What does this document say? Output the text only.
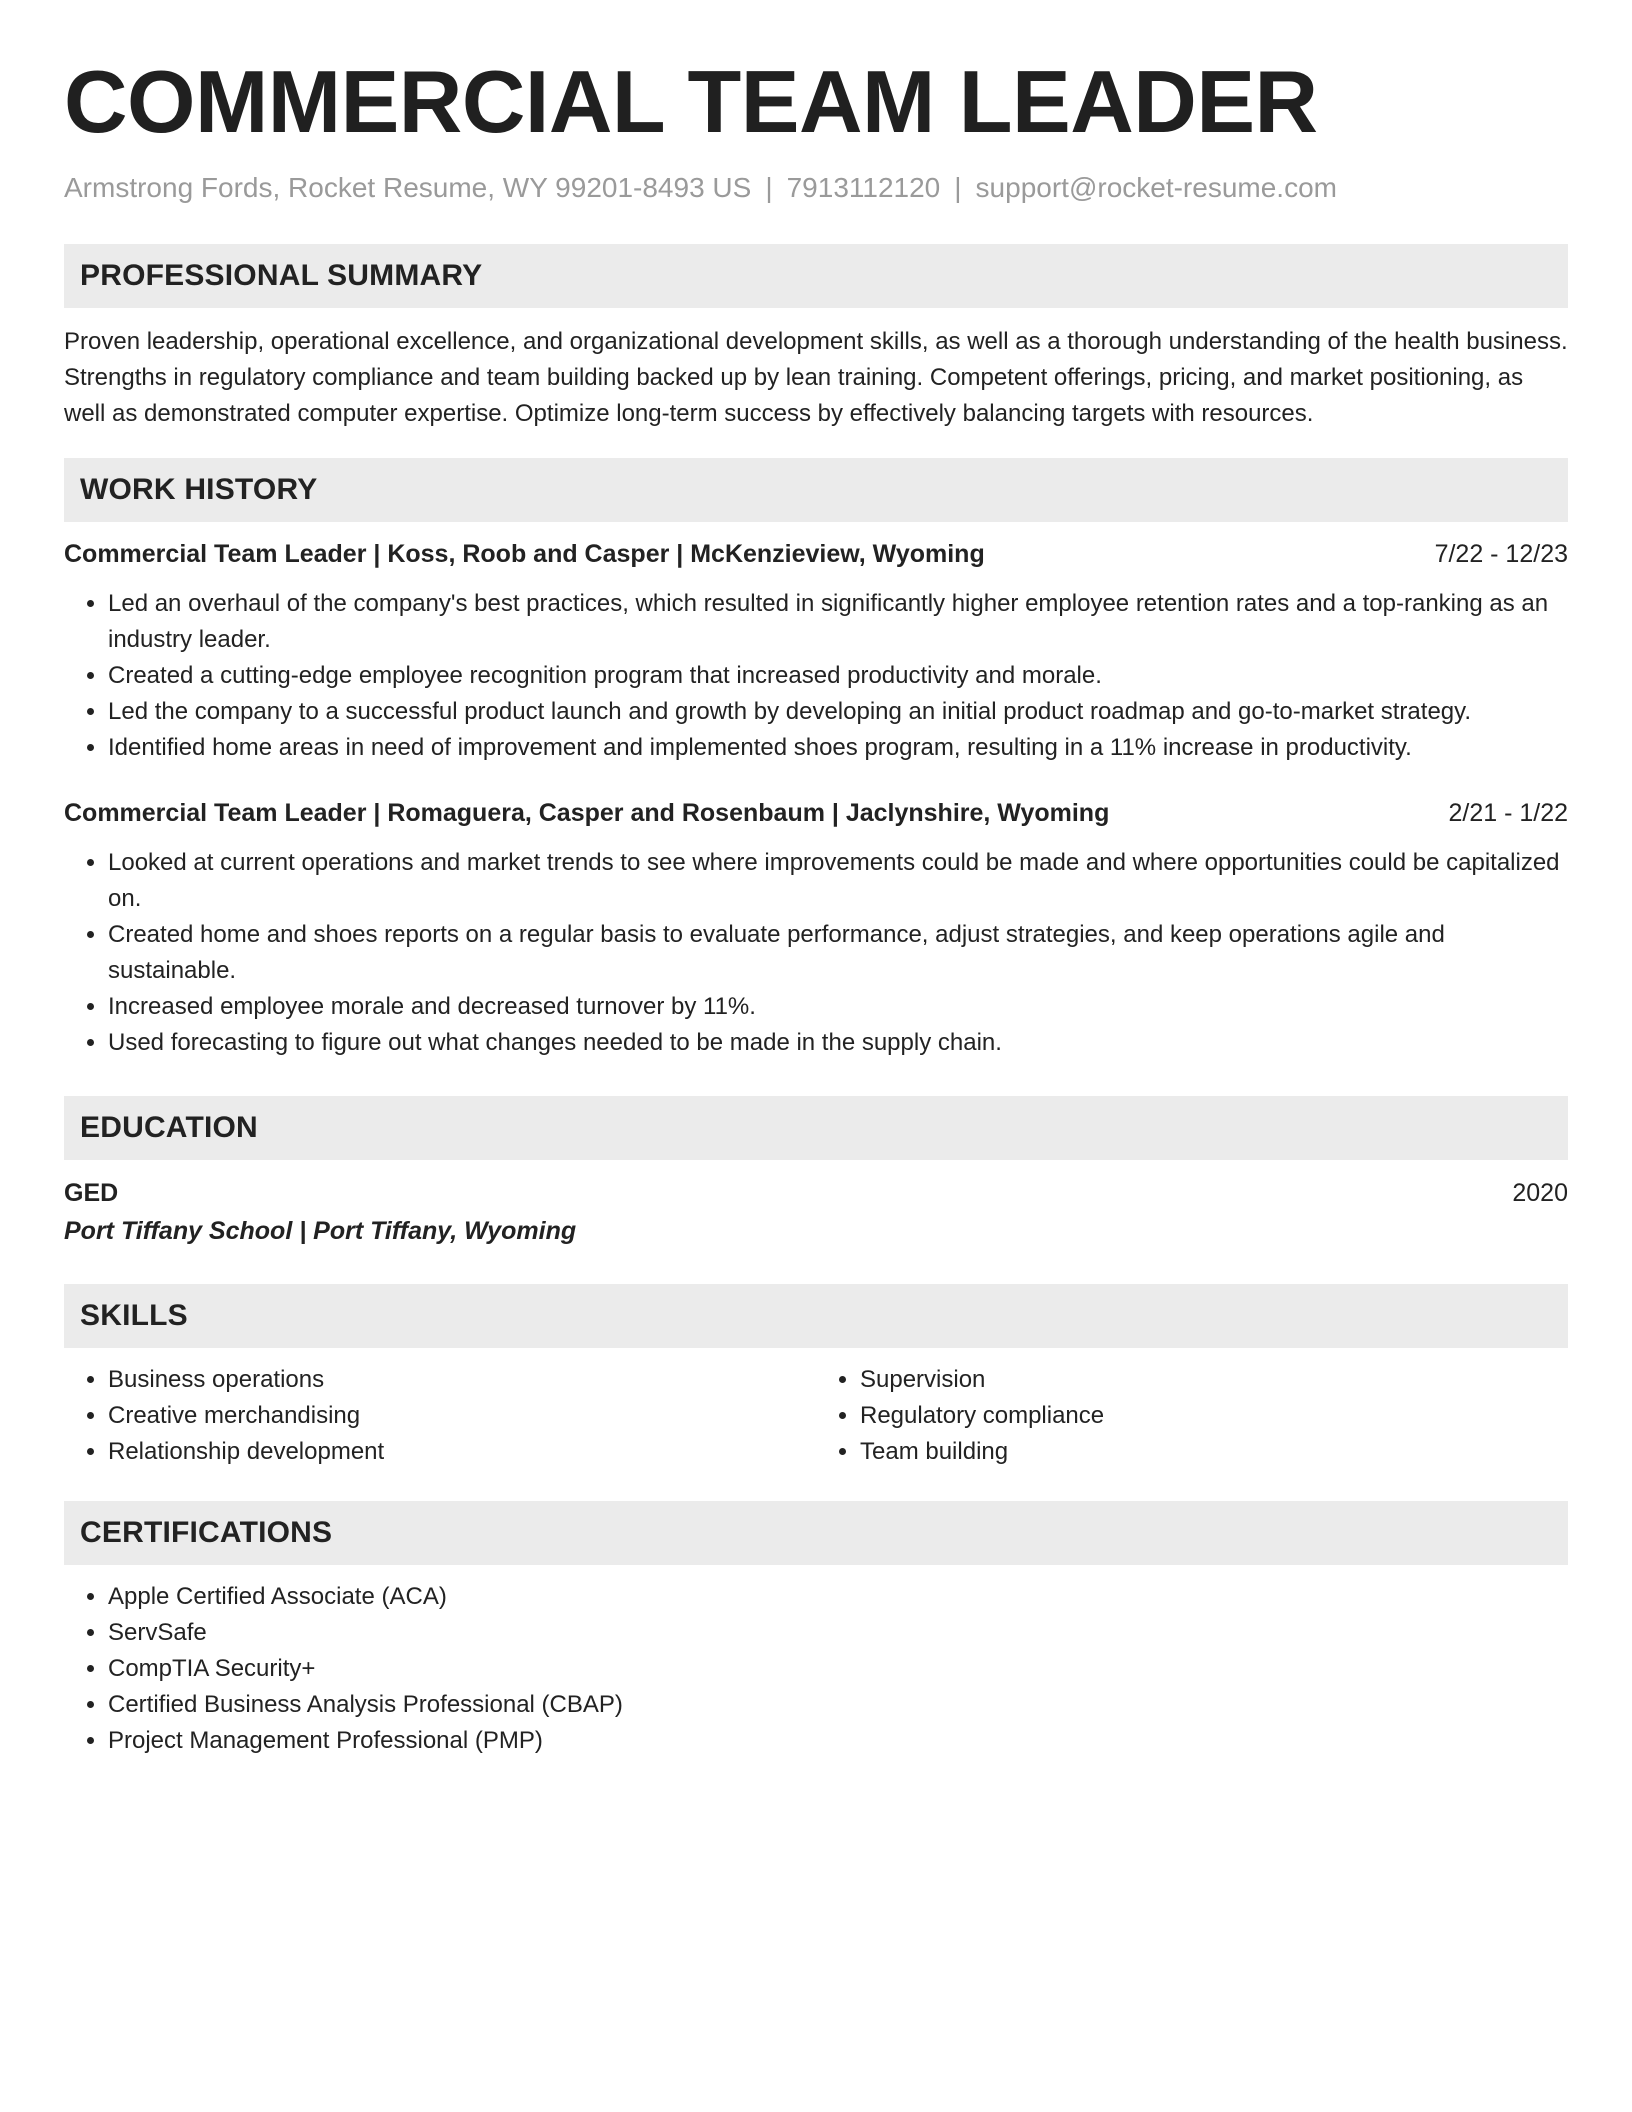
COMMERCIAL TEAM LEADER
Armstrong Fords, Rocket Resume, WY 99201-8493 US | 7913112120 | support@rocket-resume.com
PROFESSIONAL SUMMARY
Proven leadership, operational excellence, and organizational development skills, as well as a thorough understanding of the health business. Strengths in regulatory compliance and team building backed up by lean training. Competent offerings, pricing, and market positioning, as well as demonstrated computer expertise. Optimize long-term success by effectively balancing targets with resources.
WORK HISTORY
Commercial Team Leader | Koss, Roob and Casper | McKenzieview, Wyoming	7/22 - 12/23
• Led an overhaul of the company's best practices, which resulted in significantly higher employee retention rates and a top-ranking as an industry leader.
• Created a cutting-edge employee recognition program that increased productivity and morale.
• Led the company to a successful product launch and growth by developing an initial product roadmap and go-to-market strategy.
• Identified home areas in need of improvement and implemented shoes program, resulting in a 11% increase in productivity.
Commercial Team Leader | Romaguera, Casper and Rosenbaum | Jaclynshire, Wyoming	2/21 - 1/22
• Looked at current operations and market trends to see where improvements could be made and where opportunities could be capitalized on.
• Created home and shoes reports on a regular basis to evaluate performance, adjust strategies, and keep operations agile and sustainable.
• Increased employee morale and decreased turnover by 11%.
• Used forecasting to figure out what changes needed to be made in the supply chain.
EDUCATION
GED	2020
Port Tiffany School | Port Tiffany, Wyoming
SKILLS
• Business operations
• Creative merchandising
• Relationship development
• Supervision
• Regulatory compliance
• Team building
CERTIFICATIONS
• Apple Certified Associate (ACA)
• ServSafe
• CompTIA Security+
• Certified Business Analysis Professional (CBAP)
• Project Management Professional (PMP)
